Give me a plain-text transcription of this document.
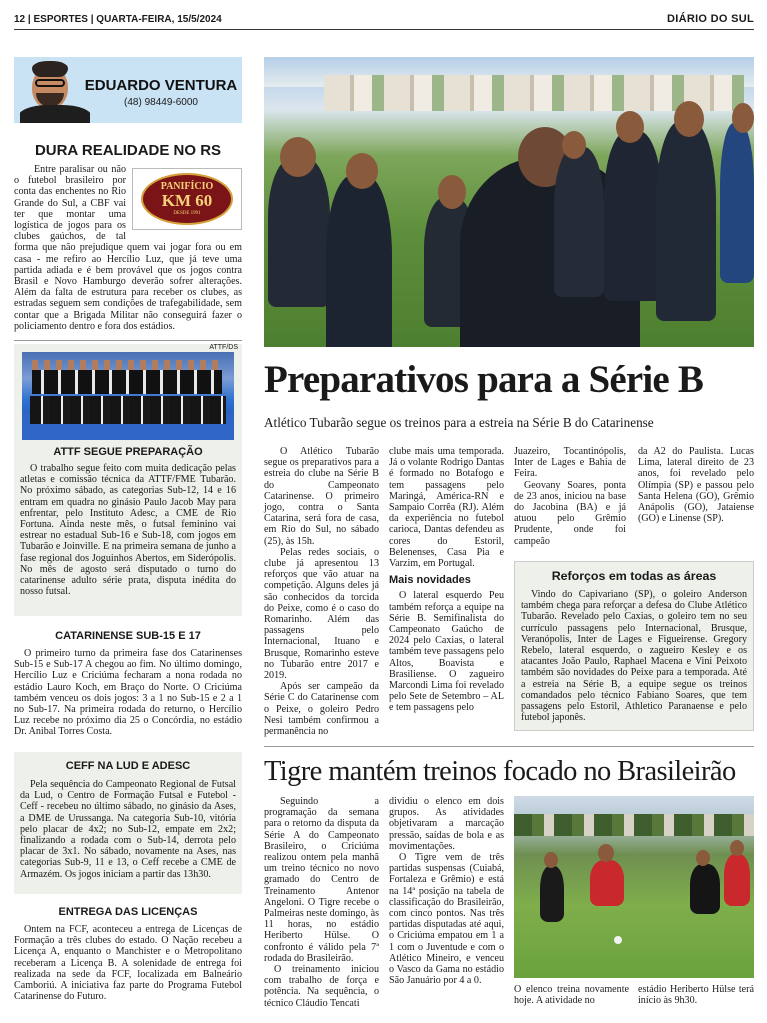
12 | ESPORTES | QUARTA-FEIRA, 15/5/2024	DIÁRIO DO SUL
EDUARDO VENTURA
(48) 98449-6000
DURA REALIDADE NO RS
PANIFÍCIO
KM 60
DESDE 1991
Entre paralisar ou não o futebol brasileiro por conta das enchentes no Rio Grande do Sul, a CBF vai ter que montar uma logística de jogos para os clubes gaúchos, de tal forma que não prejudique quem vai jogar fora ou em casa - me refiro ao Hercílio Luz, que já teve uma partida adiada e é bem provável que os jogos contra Brasil e Novo Hamburgo deverão sofrer alterações. Além da falta de estrutura para receber os clubes, as estradas seguem sem condições de trafegabilidade, sem contar que a Brigada Militar não conseguirá fazer o policiamento dentro e fora dos estádios.
ATTF/DS
ATTF SEGUE PREPARAÇÃO
O trabalho segue feito com muita dedicação pelas atletas e comissão técnica da ATTF/FME Tubarão. No próximo sábado, as categorias Sub-12, 14 e 16 entram em quadra no ginásio Paulo Jacob May para enfrentar, pelo Instituto Adesc, a CME de Rio Fortuna. Ainda neste mês, o futsal feminino vai estrear no estadual Sub-16 e Sub-18, com jogos em Tubarão e Joinville. E na primeira semana de junho a fase regional dos Joguinhos Abertos, em Siderópolis. No mês de agosto será disputado o turno do catarinense adulto série prata, disputa inédita do nosso futsal.
CATARINENSE SUB-15 E 17
O primeiro turno da primeira fase dos Catarinenses Sub-15 e Sub-17 A chegou ao fim. No último domingo, Hercílio Luz e Criciúma fecharam a nona rodada no estádio Lauro Koch, em Braço do Norte. O Criciúma também venceu os dois jogos: 3 a 1 no Sub-15 e 2 a 1 no Sub-17. Na primeira rodada do returno, o Hercílio Luz recebe no próximo dia 25 o Concórdia, no estádio Dr. Anibal Torres Costa.
CEFF NA LUD E ADESC
Pela sequência do Campeonato Regional de Futsal da Lud, o Centro de Formação Futsal e Futebol - Ceff - recebeu no último sábado, no ginásio da Ases, a DME de Urussanga. Na categoria Sub-10, vitória pelo placar de 4x2; no Sub-12, empate em 2x2; finalizando a rodada com o Sub-14, derrota pelo placar de 3x1. No sábado, novamente na Ases, nas categorias Sub-9, 11 e 13, o Ceff recebe a CME de Armazém. Os jogos iniciam a partir das 13h30.
ENTREGA DAS LICENÇAS
Ontem na FCF, aconteceu a entrega de Licenças de Formação a três clubes do estado. O Nação recebeu a Licença A, enquanto o Manchister e o Metropolitano receberam a Licença B. A solenidade de entrega foi realizada na sede da FCF, localizada em Balneário Camboriú. A iniciativa faz parte do Programa Futebol Catarinense do Futuro.
Preparativos para a Série B
Atlético Tubarão segue os treinos para a estreia na Série B do Catarinense

O Atlético Tubarão segue os preparativos para a estreia do clube na Série B do Campeonato Catarinense. O primeiro jogo, contra o Santa Catarina, será fora de casa, em Rio do Sul, no sábado (25), às 15h.

Pelas redes sociais, o clube já apresentou 13 reforços que vão atuar na competição. Alguns deles já são conhecidos da torcida do Peixe, como é o caso do Romarinho. Além das passagens pelo Internacional, Ituano e Brusque, Romarinho esteve no Tubarão entre 2017 e 2019.

Após ser campeão da Série C do Catarinense com o Peixe, o goleiro Pedro Nesi também confirmou a permanência no

clube mais uma temporada. Já o volante Rodrigo Dantas é formado no Botafogo e tem passagens pelo Maringá, América-RN e Sampaio Corrêa (RJ). Além da experiência no futebol carioca, Dantas defendeu as cores do Estoril, Belenenses, Casa Pia e Varzim, em Portugal.

Mais novidades

O lateral esquerdo Peu também reforça a equipe na Série B. Semifinalista do Campeonato Gaúcho de 2024 pelo Caxias, o lateral também teve passagens pelo Altos, Boavista e Brasiliense. O zagueiro Marcondi Lima foi revelado pelo Sete de Setembro – AL e tem passagens pelo

Juazeiro, Tocantinópolis, Inter de Lages e Bahia de Feira.

Geovany Soares, ponta de 23 anos, iniciou na base do Jacobina (BA) e já atuou pelo Grêmio Prudente, onde foi campeão

da A2 do Paulista. Lucas Lima, lateral direito de 23 anos, foi revelado pelo Olímpia (SP) e passou pelo Santa Helena (GO), Grêmio Anápolis (GO), Jataiense (GO) e Linense (SP).

Reforços em todas as áreas
Vindo do Capivariano (SP), o goleiro Anderson também chega para reforçar a defesa do Clube Atlético Tubarão. Revelado pelo Caxias, o goleiro tem no seu currículo passagens pelo Internacional, Brusque, Veranópolis, Inter de Lages e Figueirense. Gregory Rebelo, lateral esquerdo, o zagueiro Kesley e os atacantes João Paulo, Raphael Macena e Vini Peixoto também são novidades do Peixe para a temporada. Até a estreia na Série B, a equipe segue os treinos comandados pelo técnico Fabiano Soares, que tem passagens pelo Estoril, Athletico Paranaense e pelo futebol japonês.
Tigre mantém treinos focado no Brasileirão

Seguindo a programação da semana para o retorno da disputa da Série A do Campeonato Brasileiro, o Criciúma realizou ontem pela manhã um treino técnico no novo gramado do Centro de Treinamento Antenor Angeloni. O Tigre recebe o Palmeiras neste domingo, às 11 horas, no estádio Heriberto Hülse. O confronto é válido pela 7ª rodada do Brasileirão.

O treinamento iniciou com trabalho de força e potência. Na sequência, o técnico Cláudio Tencati

dividiu o elenco em dois grupos. As atividades objetivaram a marcação pressão, saídas de bola e as movimentações.

O Tigre vem de três partidas suspensas (Cuiabá, Fortaleza e Grêmio) e está na 14ª posição na tabela de classificação do Brasileirão, com cinco pontos. Nas três partidas disputadas até aqui, o Criciúma empatou em 1 a 1 com o Juventude e com o Atlético Mineiro, e venceu o Vasco da Gama no estádio São Januário por 4 a 0.

O elenco treina novamente hoje. A atividade no
estádio Heriberto Hülse terá início às 9h30.
